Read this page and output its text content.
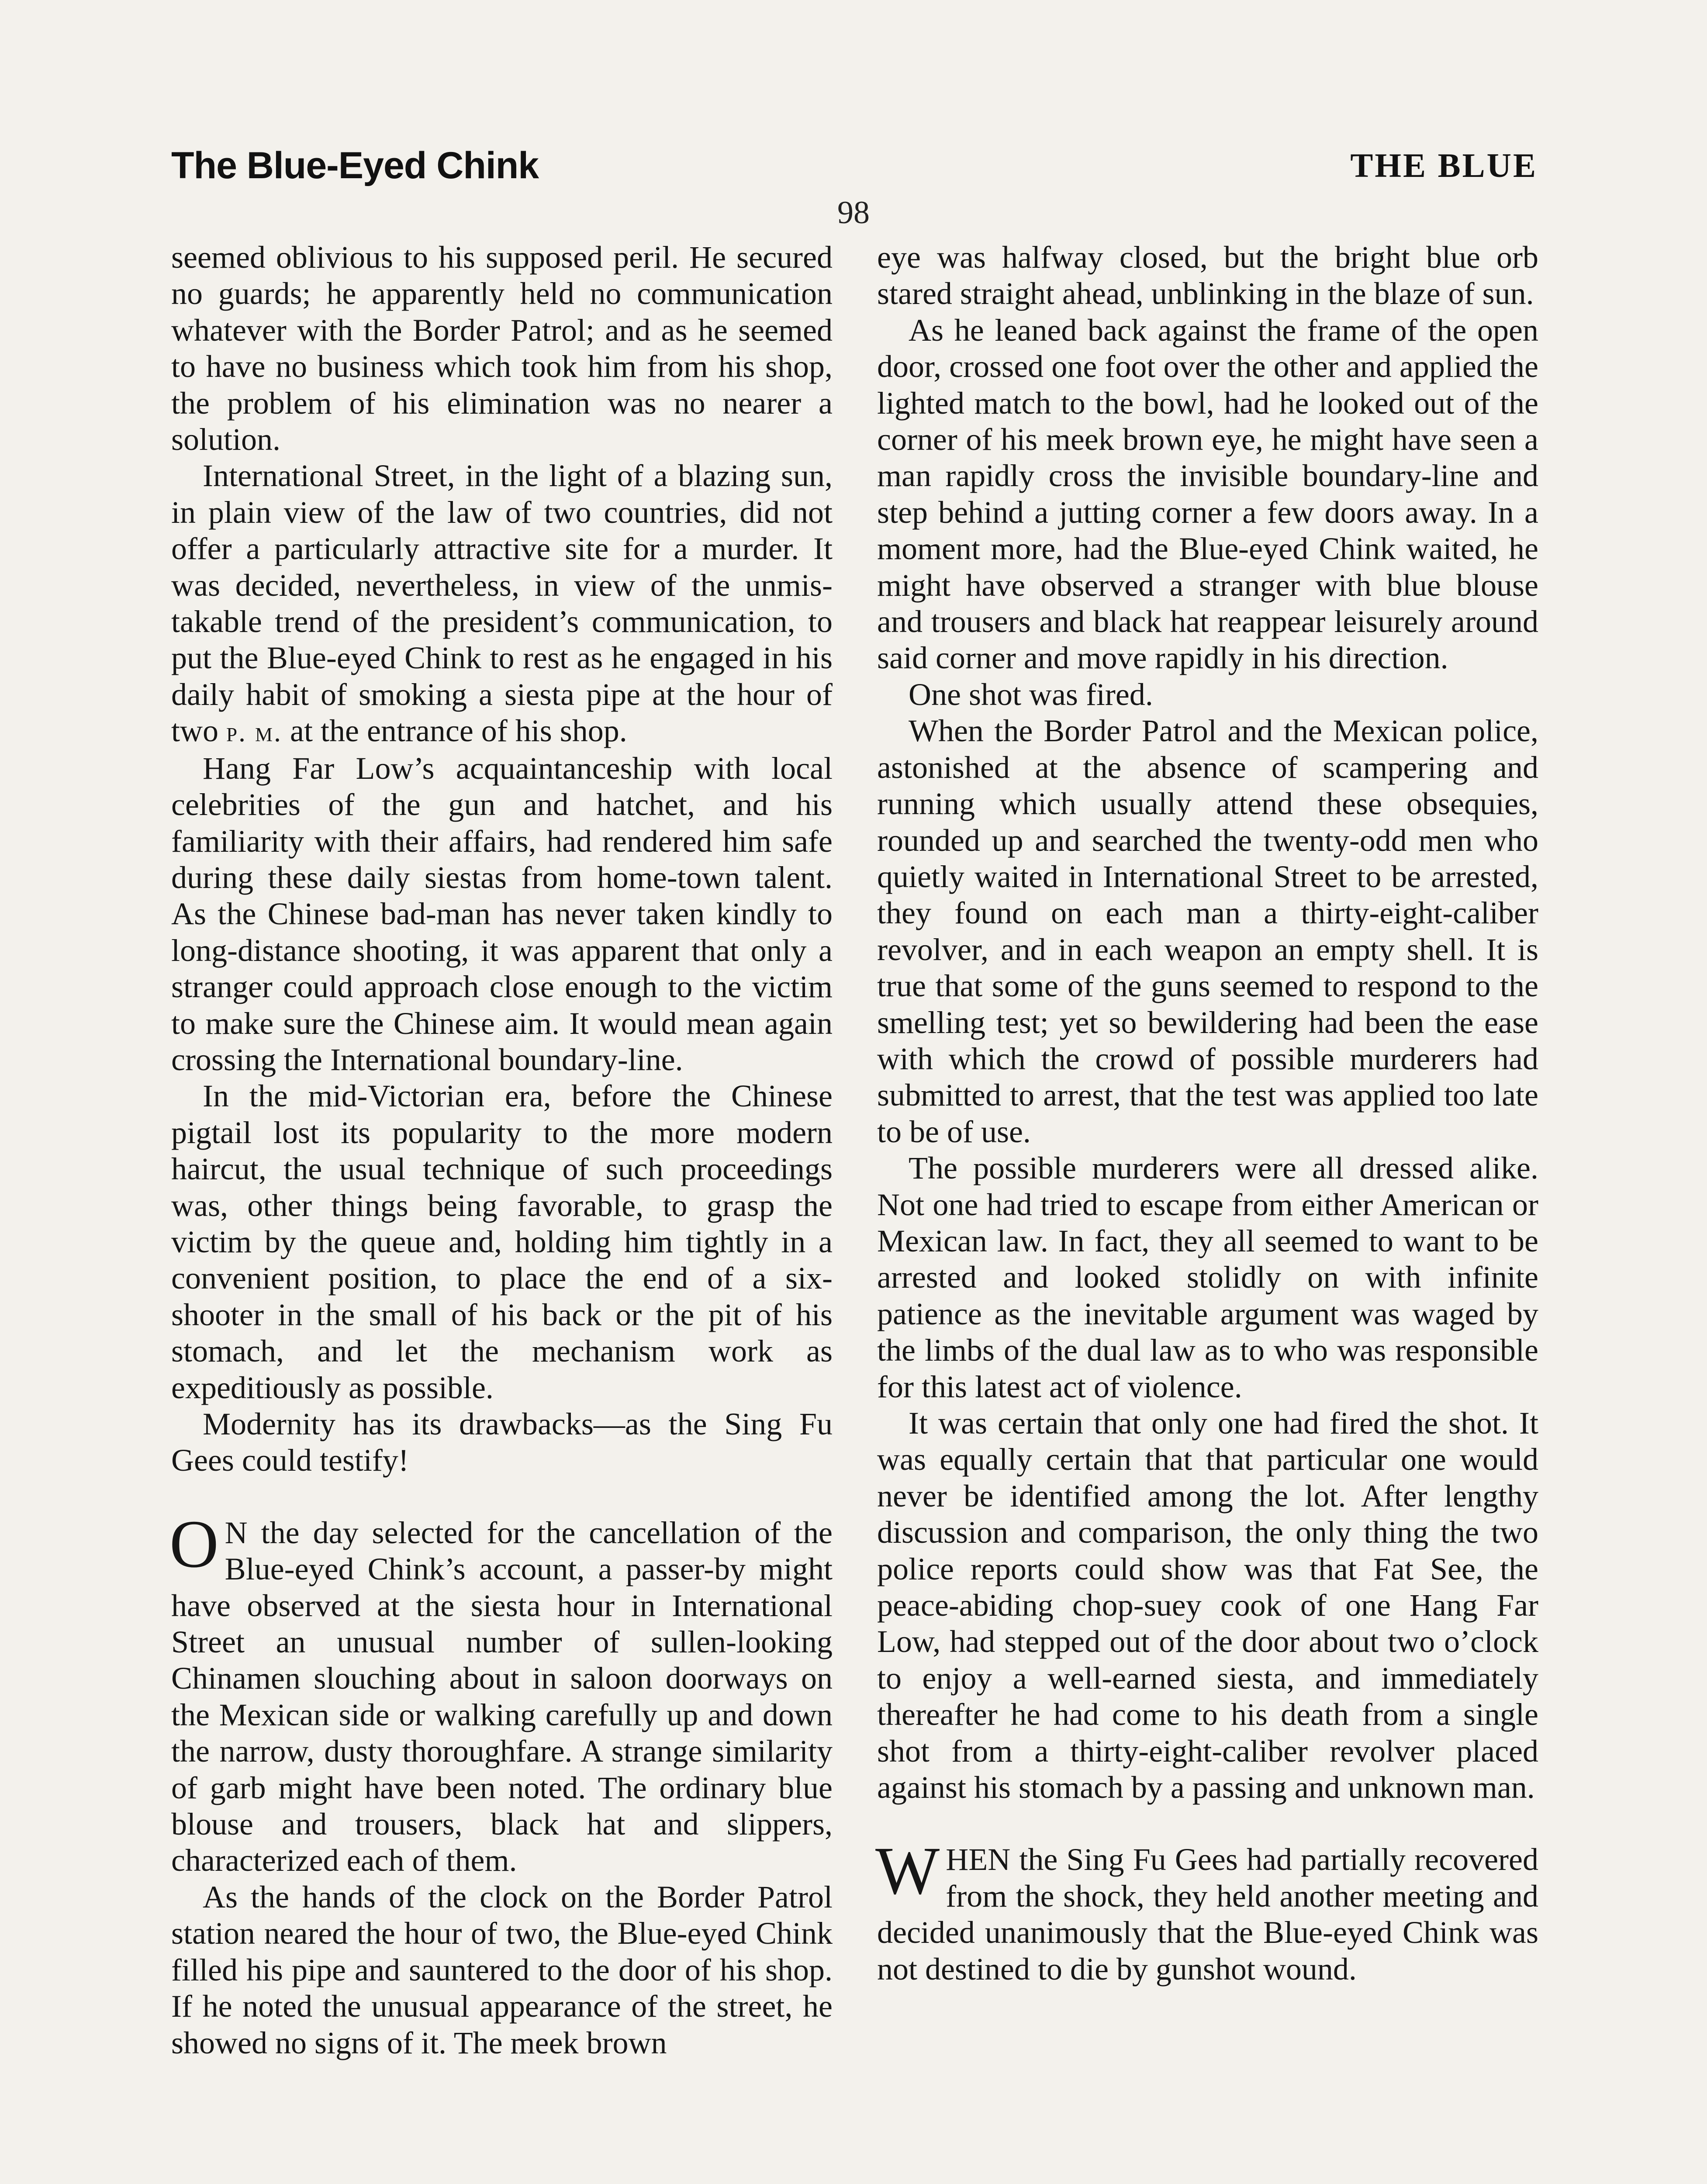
The Blue-Eyed Chink	THE BLUE
98

seemed oblivious to his supposed peril. He secured no guards; he apparently held no communication whatever with the Border Patrol; and as he seemed to have no business which took him from his shop, the problem of his elimination was no nearer a solution.

International Street, in the light of a blazing sun, in plain view of the law of two countries, did not offer a particularly attractive site for a murder. It was decided, nevertheless, in view of the unmistakable trend of the president’s communication, to put the Blue-eyed Chink to rest as he engaged in his daily habit of smoking a siesta pipe at the hour of two p. m. at the entrance of his shop.

Hang Far Low’s acquaintanceship with local celebrities of the gun and hatchet, and his familiarity with their affairs, had rendered him safe during these daily siestas from home-town talent. As the Chinese bad-man has never taken kindly to long-distance shooting, it was apparent that only a stranger could approach close enough to the victim to make sure the Chinese aim. It would mean again crossing the International boundary-line.

In the mid-Victorian era, before the Chinese pigtail lost its popularity to the more modern haircut, the usual technique of such proceedings was, other things being favorable, to grasp the victim by the queue and, holding him tightly in a convenient position, to place the end of a six-shooter in the small of his back or the pit of his stomach, and let the mechanism work as expeditiously as possible.

Modernity has its drawbacks—as the Sing Fu Gees could testify!

O N the day selected for the cancellation of the Blue-eyed Chink’s account, a passer-by might have observed at the siesta hour in International Street an unusual number of sullen-looking Chinamen slouching about in saloon doorways on the Mexican side or walking carefully up and down the narrow, dusty thoroughfare. A strange similarity of garb might have been noted. The ordinary blue blouse and trousers, black hat and slippers, characterized each of them.

As the hands of the clock on the Border Patrol station neared the hour of two, the Blue-eyed Chink filled his pipe and sauntered to the door of his shop. If he noted the unusual appearance of the street, he showed no signs of it. The meek brown

eye was halfway closed, but the bright blue orb stared straight ahead, unblinking in the blaze of sun.

As he leaned back against the frame of the open door, crossed one foot over the other and applied the lighted match to the bowl, had he looked out of the corner of his meek brown eye, he might have seen a man rapidly cross the invisible boundary-line and step behind a jutting corner a few doors away. In a moment more, had the Blue-eyed Chink waited, he might have observed a stranger with blue blouse and trousers and black hat reappear leisurely around said corner and move rapidly in his direction.

One shot was fired.

When the Border Patrol and the Mexican police, astonished at the absence of scampering and running which usually attend these obsequies, rounded up and searched the twenty-odd men who quietly waited in International Street to be arrested, they found on each man a thirty-eight-caliber revolver, and in each weapon an empty shell. It is true that some of the guns seemed to respond to the smelling test; yet so bewildering had been the ease with which the crowd of possible murderers had submitted to arrest, that the test was applied too late to be of use.

The possible murderers were all dressed alike. Not one had tried to escape from either American or Mexican law. In fact, they all seemed to want to be arrested and looked stolidly on with infinite patience as the inevitable argument was waged by the limbs of the dual law as to who was responsible for this latest act of violence.

It was certain that only one had fired the shot. It was equally certain that that particular one would never be identified among the lot. After lengthy discussion and comparison, the only thing the two police reports could show was that Fat See, the peace-abiding chop-suey cook of one Hang Far Low, had stepped out of the door about two o’clock to enjoy a well-earned siesta, and immediately thereafter he had come to his death from a single shot from a thirty-eight-caliber revolver placed against his stomach by a passing and unknown man.

WHEN the Sing Fu Gees had partially recovered from the shock, they held another meeting and decided unanimously that the Blue-eyed Chink was not destined to die by gunshot wound.
